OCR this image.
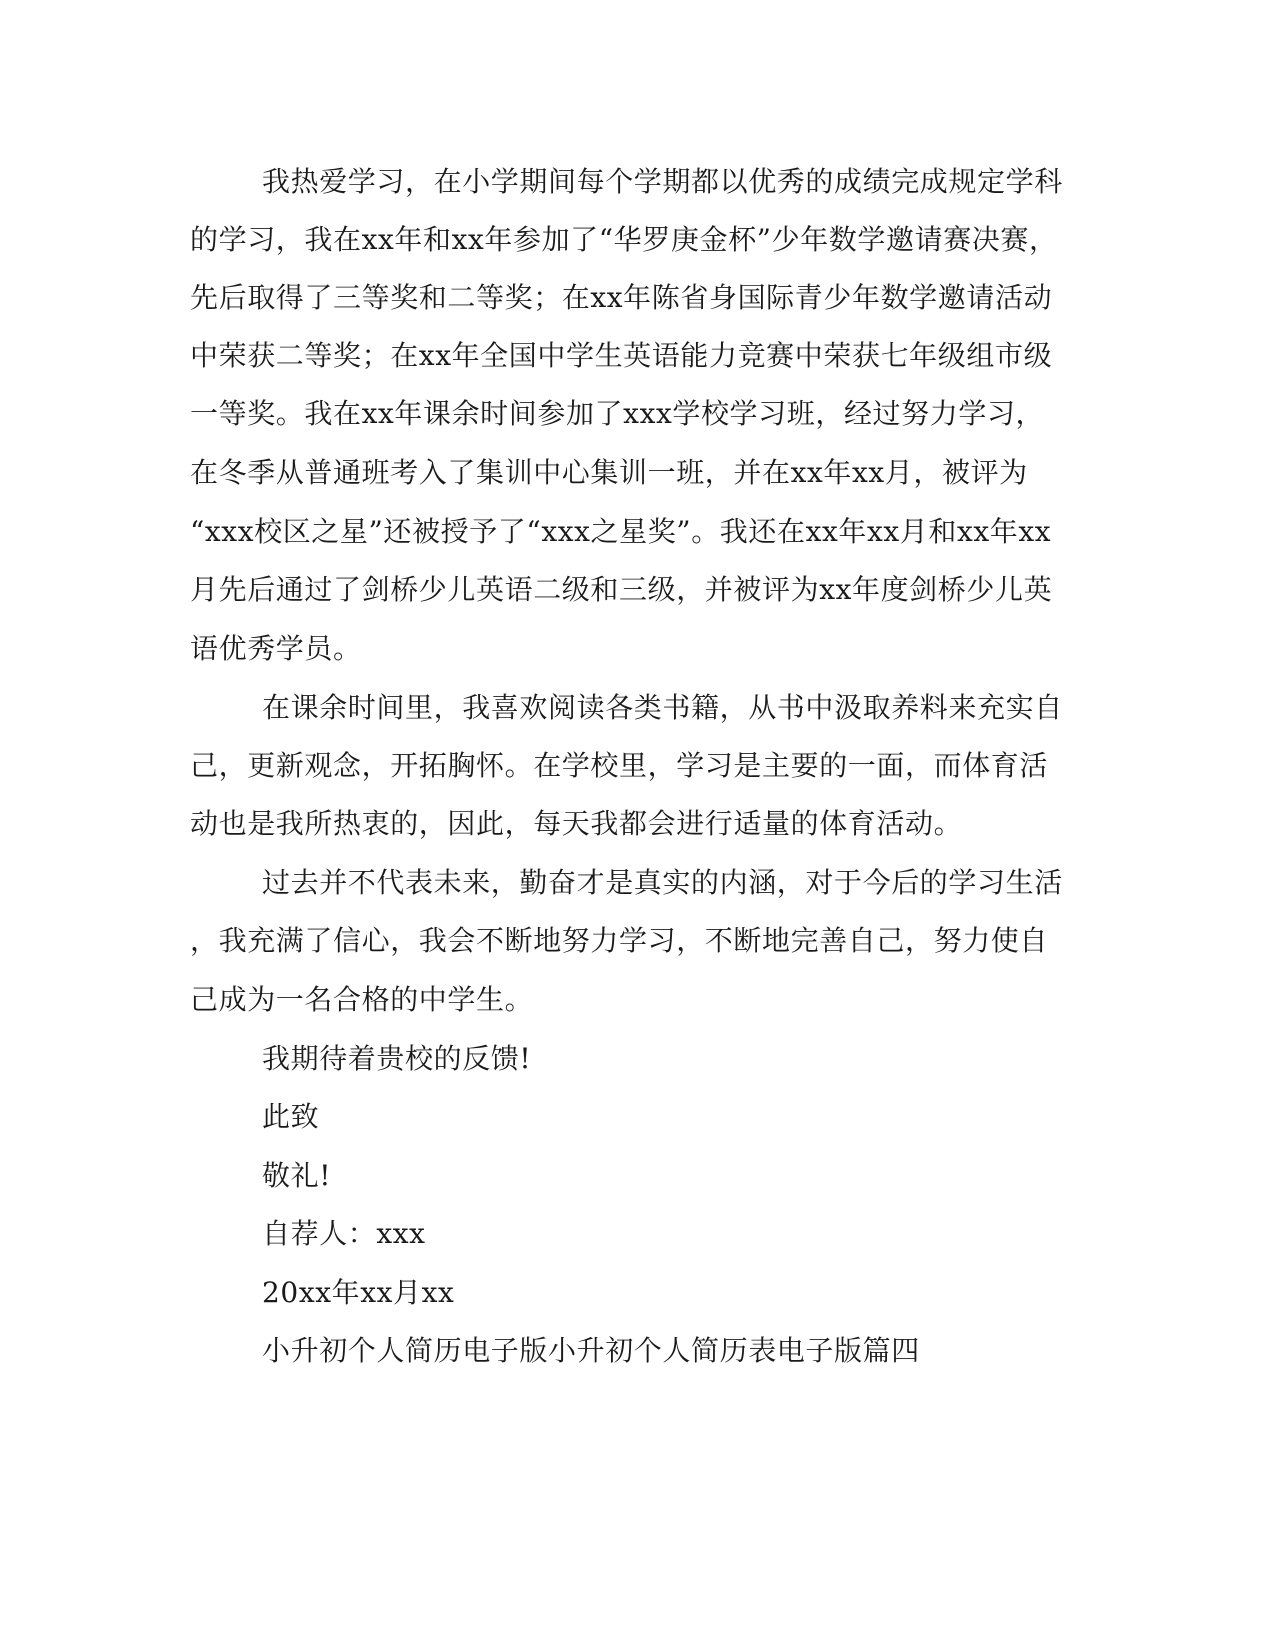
我热爱学习，在小学期间每个学期都以优秀的成绩完成规定学科
的学习，我在xx年和xx年参加了“华罗庚金杯”少年数学邀请赛决赛，
先后取得了三等奖和二等奖；在xx年陈省身国际青少年数学邀请活动
中荣获二等奖；在xx年全国中学生英语能力竞赛中荣获七年级组市级
一等奖。我在xx年课余时间参加了xxx学校学习班，经过努力学习，
在冬季从普通班考入了集训中心集训一班，并在xx年xx月，被评为
“xxx校区之星”还被授予了“xxx之星奖”。我还在xx年xx月和xx年xx
月先后通过了剑桥少儿英语二级和三级，并被评为xx年度剑桥少儿英
语优秀学员。
在课余时间里，我喜欢阅读各类书籍，从书中汲取养料来充实自
己，更新观念，开拓胸怀。在学校里，学习是主要的一面，而体育活
动也是我所热衷的，因此，每天我都会进行适量的体育活动。
过去并不代表未来，勤奋才是真实的内涵，对于今后的学习生活
，我充满了信心，我会不断地努力学习，不断地完善自己，努力使自
己成为一名合格的中学生。
我期待着贵校的反馈!
此致
敬礼!
自荐人：xxx
20xx年xx月xx
小升初个人简历电子版小升初个人简历表电子版篇四
